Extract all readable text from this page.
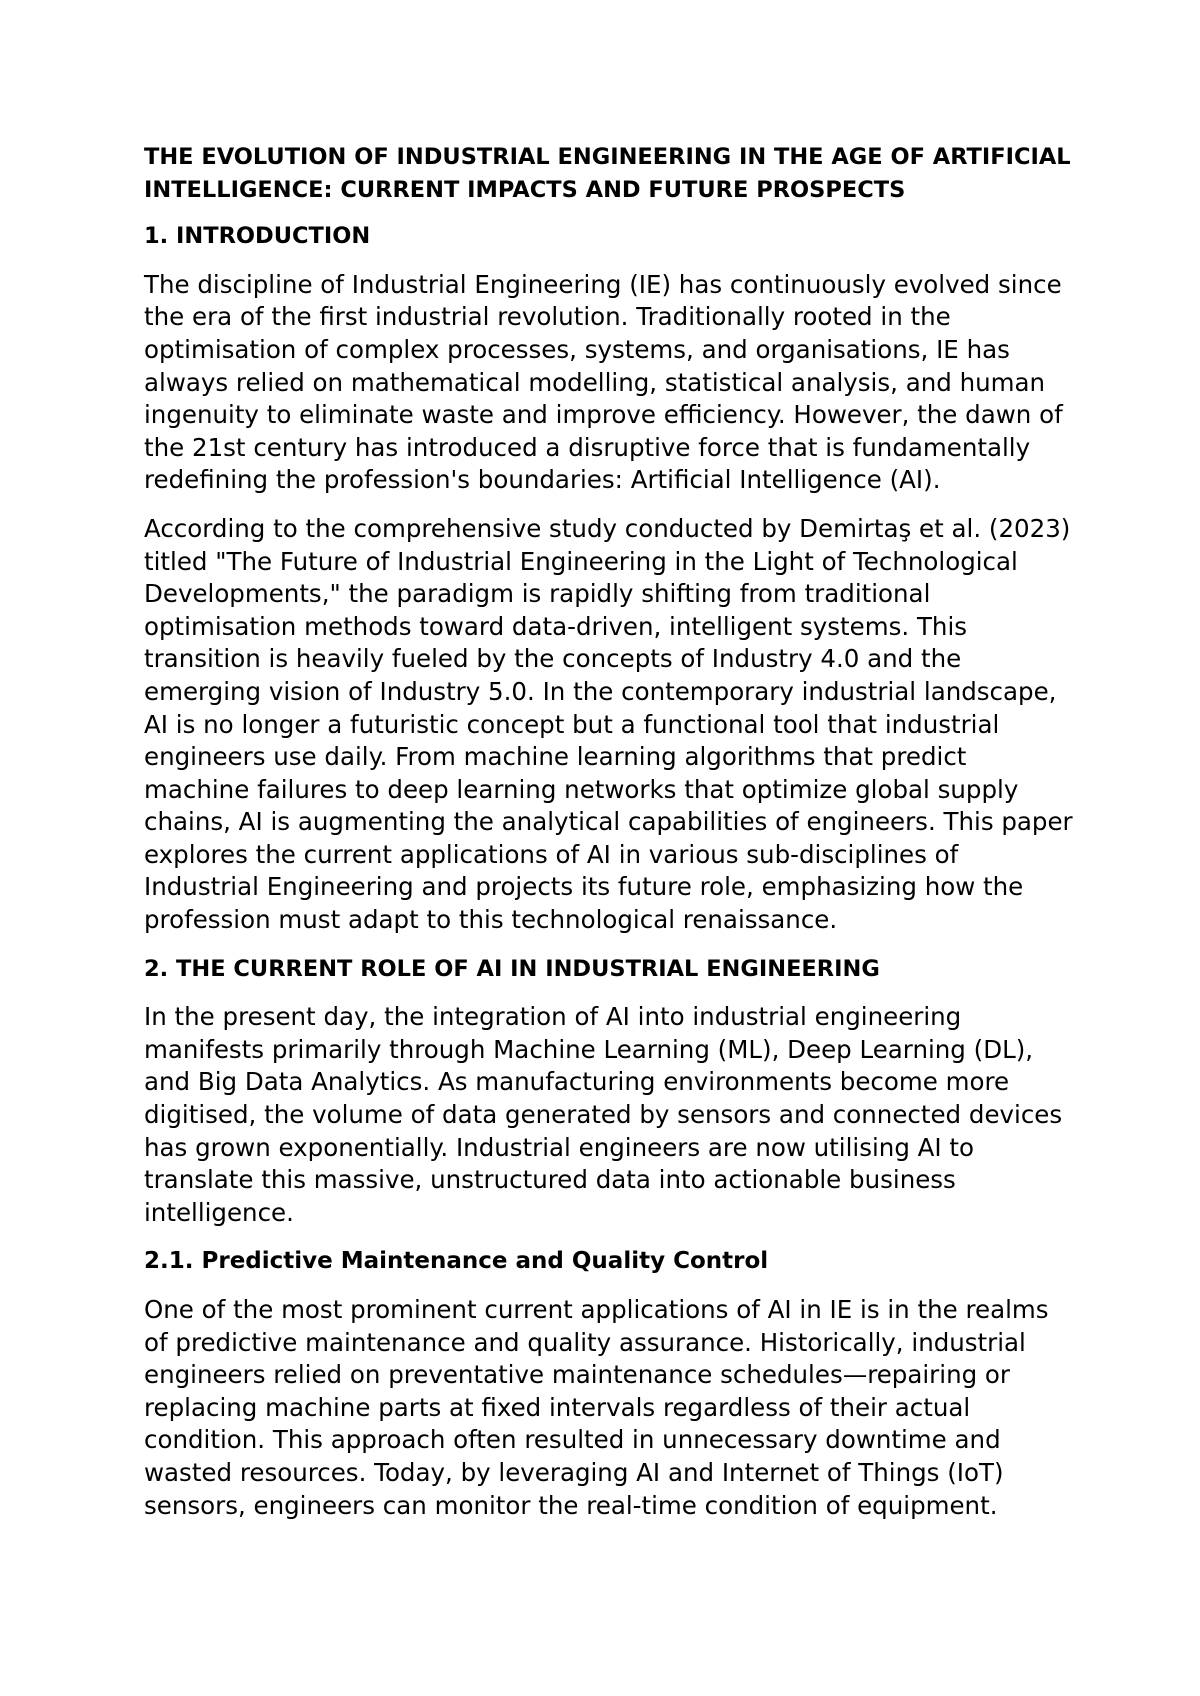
THE EVOLUTION OF INDUSTRIAL ENGINEERING IN THE AGE OF ARTIFICIAL INTELLIGENCE: CURRENT IMPACTS AND FUTURE PROSPECTS
1. INTRODUCTION

The discipline of Industrial Engineering (IE) has continuously evolved since the era of the first industrial revolution. Traditionally rooted in the optimisation of complex processes, systems, and organisations, IE has always relied on mathematical modelling, statistical analysis, and human ingenuity to eliminate waste and improve efficiency. However, the dawn of the 21st century has introduced a disruptive force that is fundamentally redefining the profession's boundaries: Artificial Intelligence (AI).

According to the comprehensive study conducted by Demirtaş et al. (2023) titled "The Future of Industrial Engineering in the Light of Technological Developments," the paradigm is rapidly shifting from traditional optimisation methods toward data-driven, intelligent systems. This transition is heavily fueled by the concepts of Industry 4.0 and the emerging vision of Industry 5.0. In the contemporary industrial landscape, AI is no longer a futuristic concept but a functional tool that industrial engineers use daily. From machine learning algorithms that predict machine failures to deep learning networks that optimize global supply chains, AI is augmenting the analytical capabilities of engineers. This paper explores the current applications of AI in various sub-disciplines of Industrial Engineering and projects its future role, emphasizing how the profession must adapt to this technological renaissance.

2. THE CURRENT ROLE OF AI IN INDUSTRIAL ENGINEERING

In the present day, the integration of AI into industrial engineering manifests primarily through Machine Learning (ML), Deep Learning (DL), and Big Data Analytics. As manufacturing environments become more digitised, the volume of data generated by sensors and connected devices has grown exponentially. Industrial engineers are now utilising AI to translate this massive, unstructured data into actionable business intelligence.

2.1. Predictive Maintenance and Quality Control

One of the most prominent current applications of AI in IE is in the realms of predictive maintenance and quality assurance. Historically, industrial engineers relied on preventative maintenance schedules—repairing or replacing machine parts at fixed intervals regardless of their actual condition. This approach often resulted in unnecessary downtime and wasted resources. Today, by leveraging AI and Internet of Things (IoT) sensors, engineers can monitor the real-time condition of equipment.
